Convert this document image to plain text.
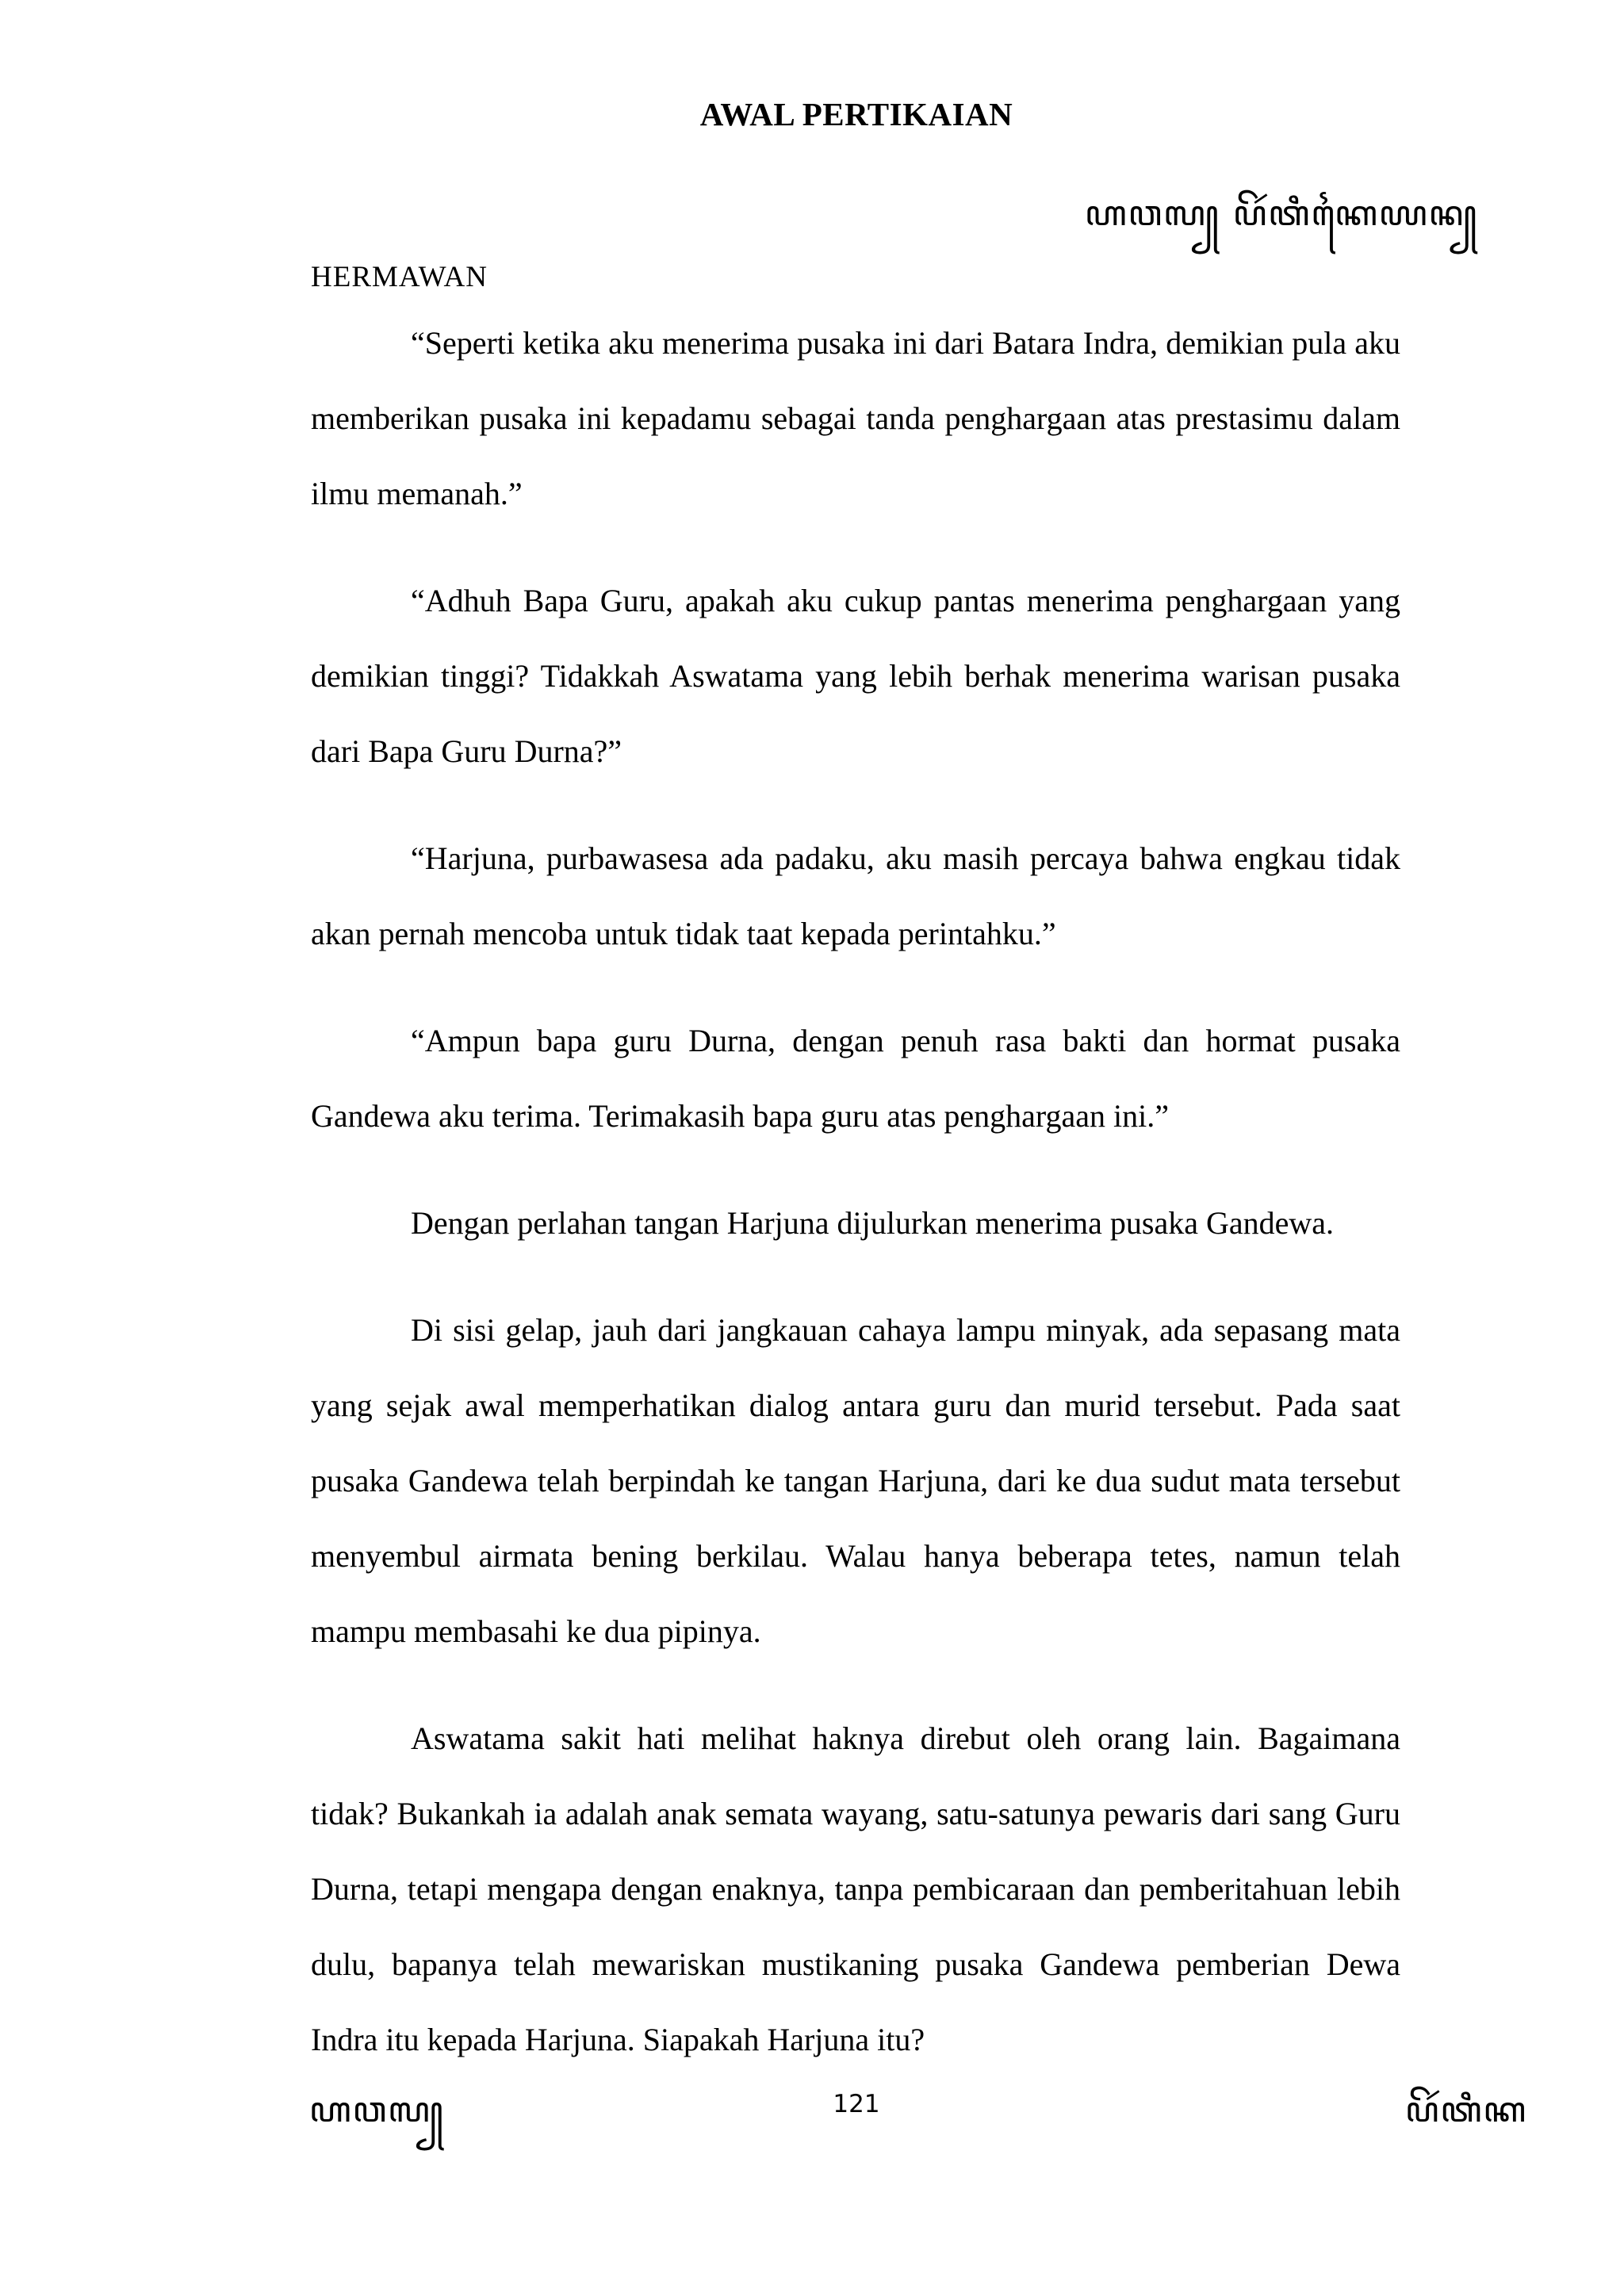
AWAL PERTIKAIAN
ꦲꦮꦭ꧀ ꦥꦼꦂꦠꦶꦏꦻꦪꦤ꧀
HERMAWAN

“Seperti ketika aku menerima pusaka ini dari Batara Indra, demikian pula aku memberikan pusaka ini kepadamu sebagai tanda penghargaan atas prestasimu dalam ilmu memanah.”

“Adhuh Bapa Guru, apakah aku cukup pantas menerima penghargaan yang demikian tinggi? Tidakkah Aswatama yang lebih berhak menerima warisan pusaka dari Bapa Guru Durna?”

“Harjuna, purbawasesa ada padaku, aku masih percaya bahwa engkau tidak akan pernah mencoba untuk tidak taat kepada perintahku.”

“Ampun bapa guru Durna, dengan penuh rasa bakti dan hormat pusaka Gandewa aku terima. Terimakasih bapa guru atas penghargaan ini.”

Dengan perlahan tangan Harjuna dijulurkan menerima pusaka Gandewa.

Di sisi gelap, jauh dari jangkauan cahaya lampu minyak, ada sepasang mata yang sejak awal memperhatikan dialog antara guru dan murid tersebut. Pada saat pusaka Gandewa telah berpindah ke tangan Harjuna, dari ke dua sudut mata tersebut menyembul airmata bening berkilau. Walau hanya beberapa tetes, namun telah mampu membasahi ke dua pipinya.

Aswatama sakit hati melihat haknya direbut oleh orang lain. Bagaimana tidak? Bukankah ia adalah anak semata wayang, satu-satunya pewaris dari sang Guru Durna, tetapi mengapa dengan enaknya, tanpa pembicaraan dan pemberitahuan lebih dulu, bapanya telah mewariskan mustikaning pusaka Gandewa pemberian Dewa Indra itu kepada Harjuna. Siapakah Harjuna itu?

121
ꦲꦮꦭ꧀	ꦥꦼꦂꦠꦶꦏ
